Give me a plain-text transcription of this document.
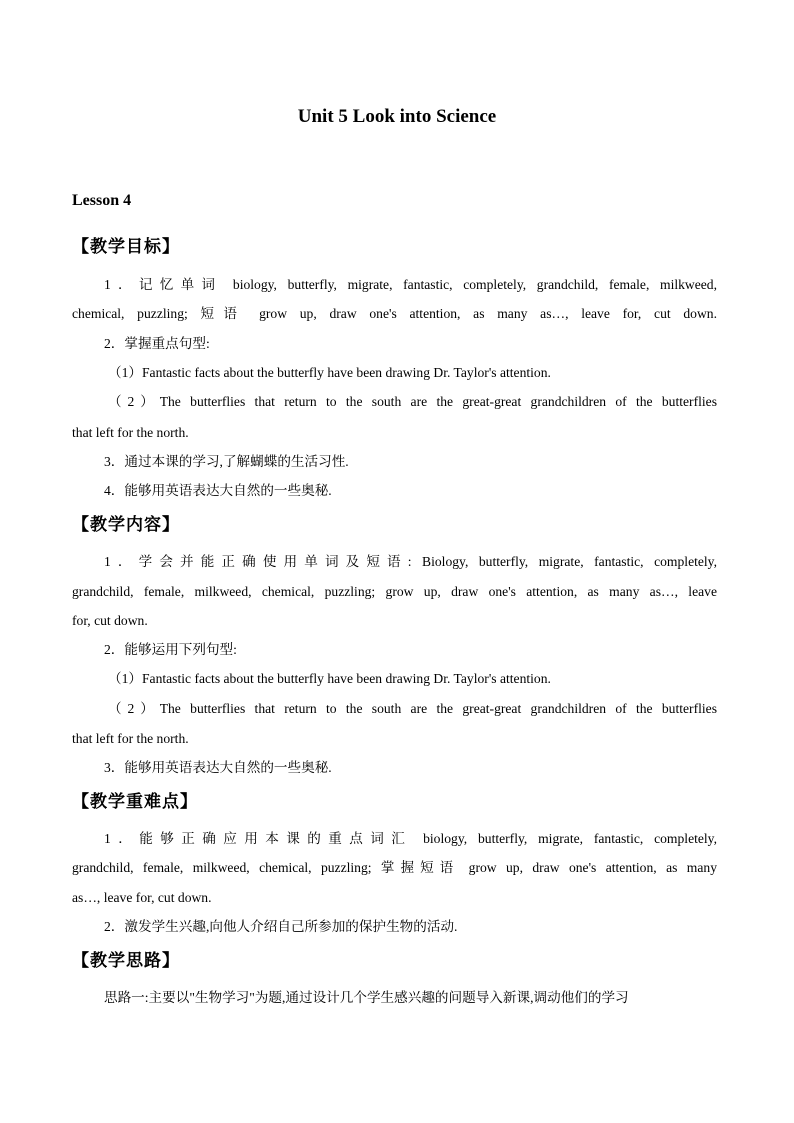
Unit 5 Look into Science
Lesson 4
【教学目标】
1．记忆单词 biology, butterfly, migrate, fantastic, completely, grandchild, female, milkweed,
chemical, puzzling; 短语 grow up, draw one's attention, as many as…, leave for, cut down.
2．掌握重点句型:
（1）Fantastic facts about the butterfly have been drawing Dr. Taylor's attention.
（2）The butterflies that return to the south are the great-great grandchildren of the butterflies
that left for the north.
3．通过本课的学习,了解蝴蝶的生活习性.
4．能够用英语表达大自然的一些奥秘.
【教学内容】
1．学会并能正确使用单词及短语: Biology, butterfly, migrate, fantastic, completely,
grandchild, female, milkweed, chemical, puzzling; grow up, draw one's attention, as many as…, leave
for, cut down.
2．能够运用下列句型:
（1）Fantastic facts about the butterfly have been drawing Dr. Taylor's attention.
（2）The butterflies that return to the south are the great-great grandchildren of the butterflies
that left for the north.
3．能够用英语表达大自然的一些奥秘.
【教学重难点】
1．能够正确应用本课的重点词汇 biology, butterfly, migrate, fantastic, completely,
grandchild, female, milkweed, chemical, puzzling; 掌握短语 grow up, draw one's attention, as many
as…, leave for, cut down.
2．激发学生兴趣,向他人介绍自己所参加的保护生物的活动.
【教学思路】
思路一:主要以"生物学习"为题,通过设计几个学生感兴趣的问题导入新课,调动他们的学习
